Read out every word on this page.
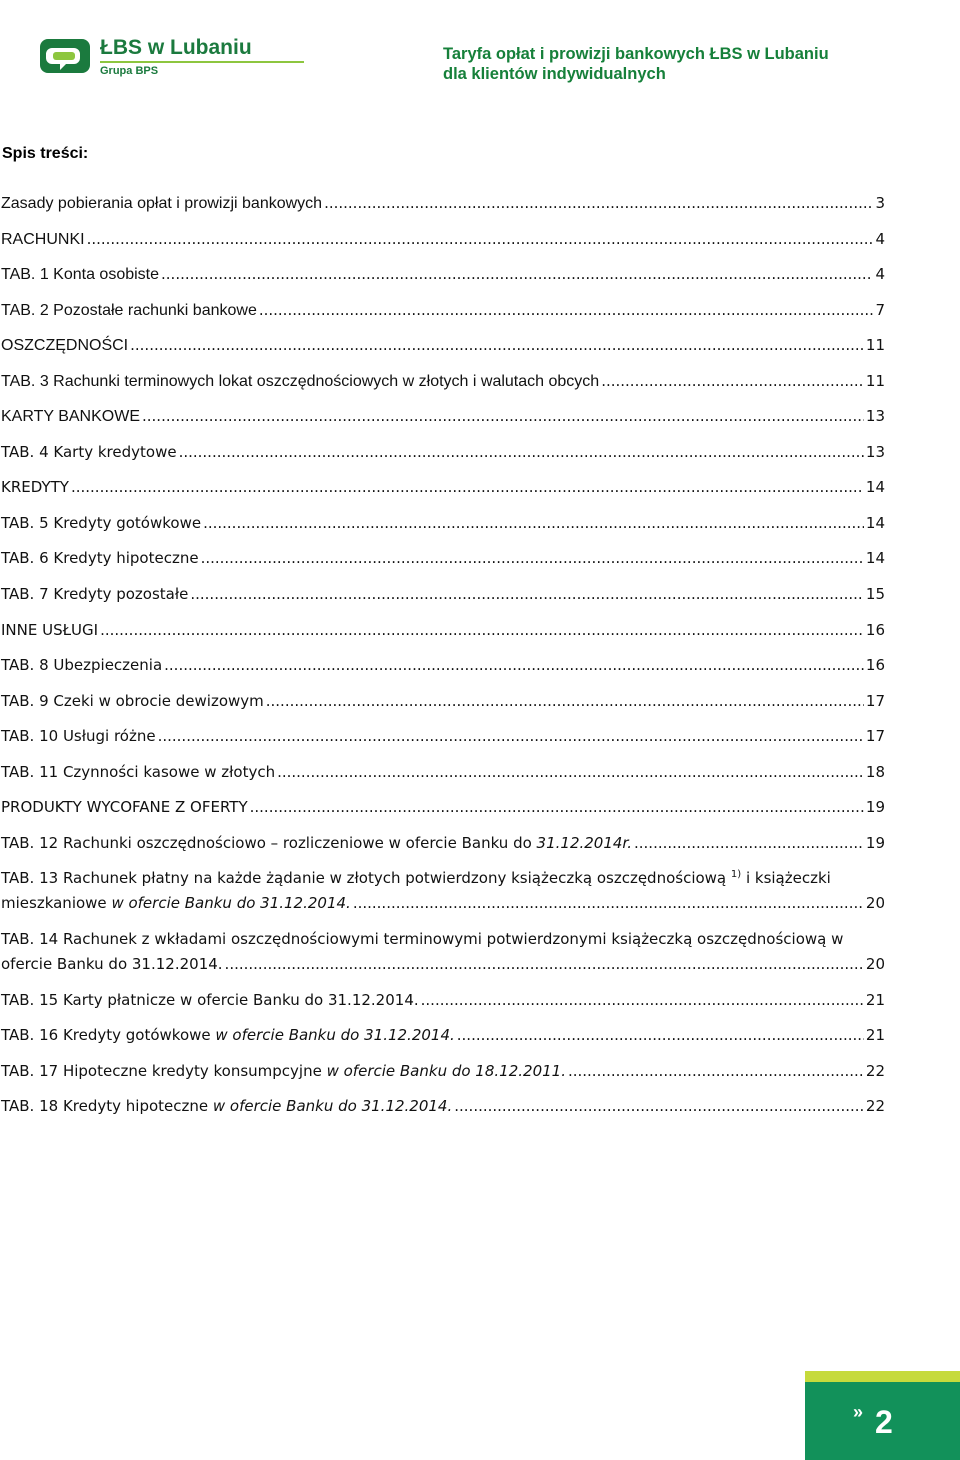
ŁBS w Lubaniu
Grupa BPS
Taryfa opłat i prowizji bankowych ŁBS w Lubaniu
dla klientów indywidualnych
Spis treści:
Zasady pobierania opłat i prowizji bankowych .....	3
RACHUNKI .....	4
TAB. 1 Konta osobiste .....	4
TAB. 2 Pozostałe rachunki bankowe .....	7
OSZCZĘDNOŚCI .....	11
TAB. 3 Rachunki terminowych lokat oszczędnościowych w złotych i walutach obcych .....	11
KARTY BANKOWE .....	13
TAB. 4 Karty kredytowe .....	13
KREDYTY .....	14
TAB. 5 Kredyty gotówkowe .....	14
TAB. 6 Kredyty hipoteczne .....	14
TAB. 7 Kredyty pozostałe .....	15
INNE USŁUGI .....	16
TAB. 8 Ubezpieczenia .....	16
TAB. 9 Czeki w obrocie dewizowym .....	17
TAB. 10 Usługi różne .....	17
TAB. 11 Czynności kasowe w złotych .....	18
PRODUKTY WYCOFANE Z OFERTY .....	19
TAB. 12 Rachunki oszczędnościowo – rozliczeniowe w ofercie Banku do 31.12.2014r. .....	19
TAB. 13 Rachunek płatny na każde żądanie w złotych potwierdzony książeczką oszczędnościową $^{1)}$ i książeczki
mieszkaniowe w ofercie Banku do 31.12.2014. .....	20
TAB. 14 Rachunek z wkładami oszczędnościowymi terminowymi potwierdzonymi książeczką oszczędnościową w
ofercie Banku do 31.12.2014. .....	20
TAB. 15 Karty płatnicze w ofercie Banku do 31.12.2014. .....	21
TAB. 16 Kredyty gotówkowe w ofercie Banku do 31.12.2014. .....	21
TAB. 17 Hipoteczne kredyty konsumpcyjne w ofercie Banku do 18.12.2011. .....	22
TAB. 18 Kredyty hipoteczne w ofercie Banku do 31.12.2014. .....	22
» 2
